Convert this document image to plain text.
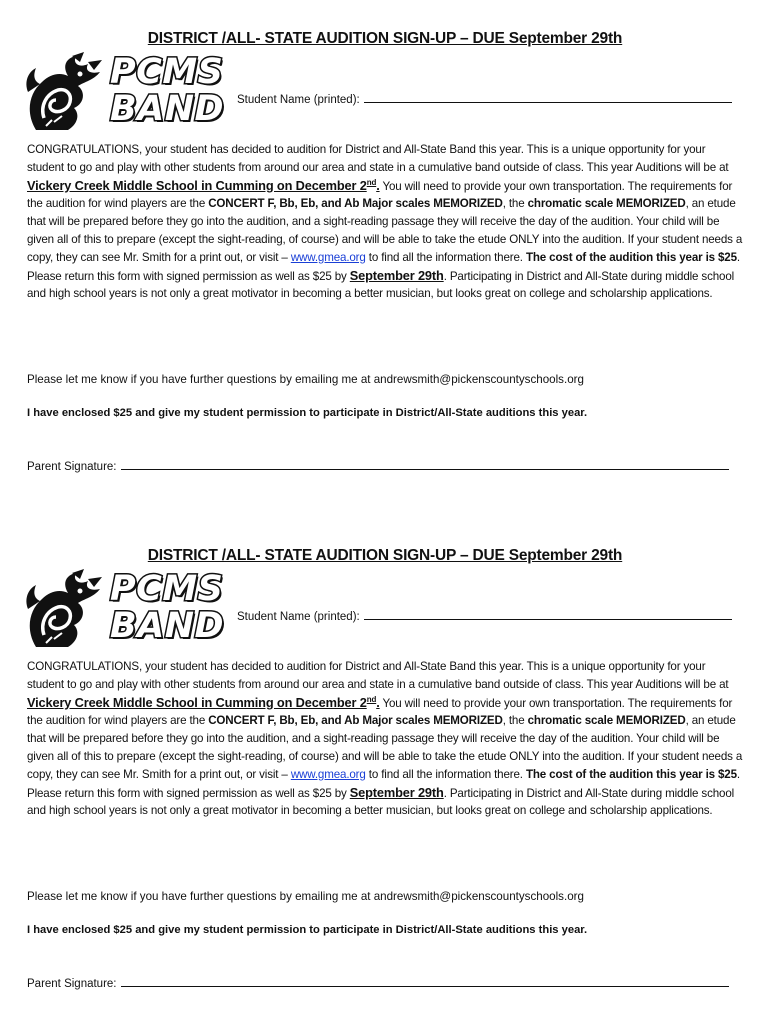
DISTRICT /ALL- STATE AUDITION SIGN-UP – DUE September 29th
PCMS
BAND Student Name (printed):

CONGRATULATIONS, your student has decided to audition for District and All-State Band this year. This is a unique opportunity for your student to go and play with other students from around our area and state in a cumulative band outside of class. This year Auditions will be at Vickery Creek Middle School in Cumming on December 2nd. You will need to provide your own transportation. The requirements for the audition for wind players are the CONCERT F, Bb, Eb, and Ab Major scales MEMORIZED, the chromatic scale MEMORIZED, an etude that will be prepared before they go into the audition, and a sight-reading passage they will receive the day of the audition. Your child will be given all of this to prepare (except the sight-reading, of course) and will be able to take the etude ONLY into the audition. If your student needs a copy, they can see Mr. Smith for a print out, or visit – www.gmea.org to find all the information there. The cost of the audition this year is $25. Please return this form with signed permission as well as $25 by September 29th. Participating in District and All-State during middle school and high school years is not only a great motivator in becoming a better musician, but looks great on college and scholarship applications.

Please let me know if you have further questions by emailing me at andrewsmith@pickenscountyschools.org
I have enclosed $25 and give my student permission to participate in District/All-State auditions this year.
Parent Signature:
DISTRICT /ALL- STATE AUDITION SIGN-UP – DUE September 29th
PCMS
BAND Student Name (printed):

CONGRATULATIONS, your student has decided to audition for District and All-State Band this year. This is a unique opportunity for your student to go and play with other students from around our area and state in a cumulative band outside of class. This year Auditions will be at Vickery Creek Middle School in Cumming on December 2nd. You will need to provide your own transportation. The requirements for the audition for wind players are the CONCERT F, Bb, Eb, and Ab Major scales MEMORIZED, the chromatic scale MEMORIZED, an etude that will be prepared before they go into the audition, and a sight-reading passage they will receive the day of the audition. Your child will be given all of this to prepare (except the sight-reading, of course) and will be able to take the etude ONLY into the audition. If your student needs a copy, they can see Mr. Smith for a print out, or visit – www.gmea.org to find all the information there. The cost of the audition this year is $25. Please return this form with signed permission as well as $25 by September 29th. Participating in District and All-State during middle school and high school years is not only a great motivator in becoming a better musician, but looks great on college and scholarship applications.

Please let me know if you have further questions by emailing me at andrewsmith@pickenscountyschools.org
I have enclosed $25 and give my student permission to participate in District/All-State auditions this year.
Parent Signature:
